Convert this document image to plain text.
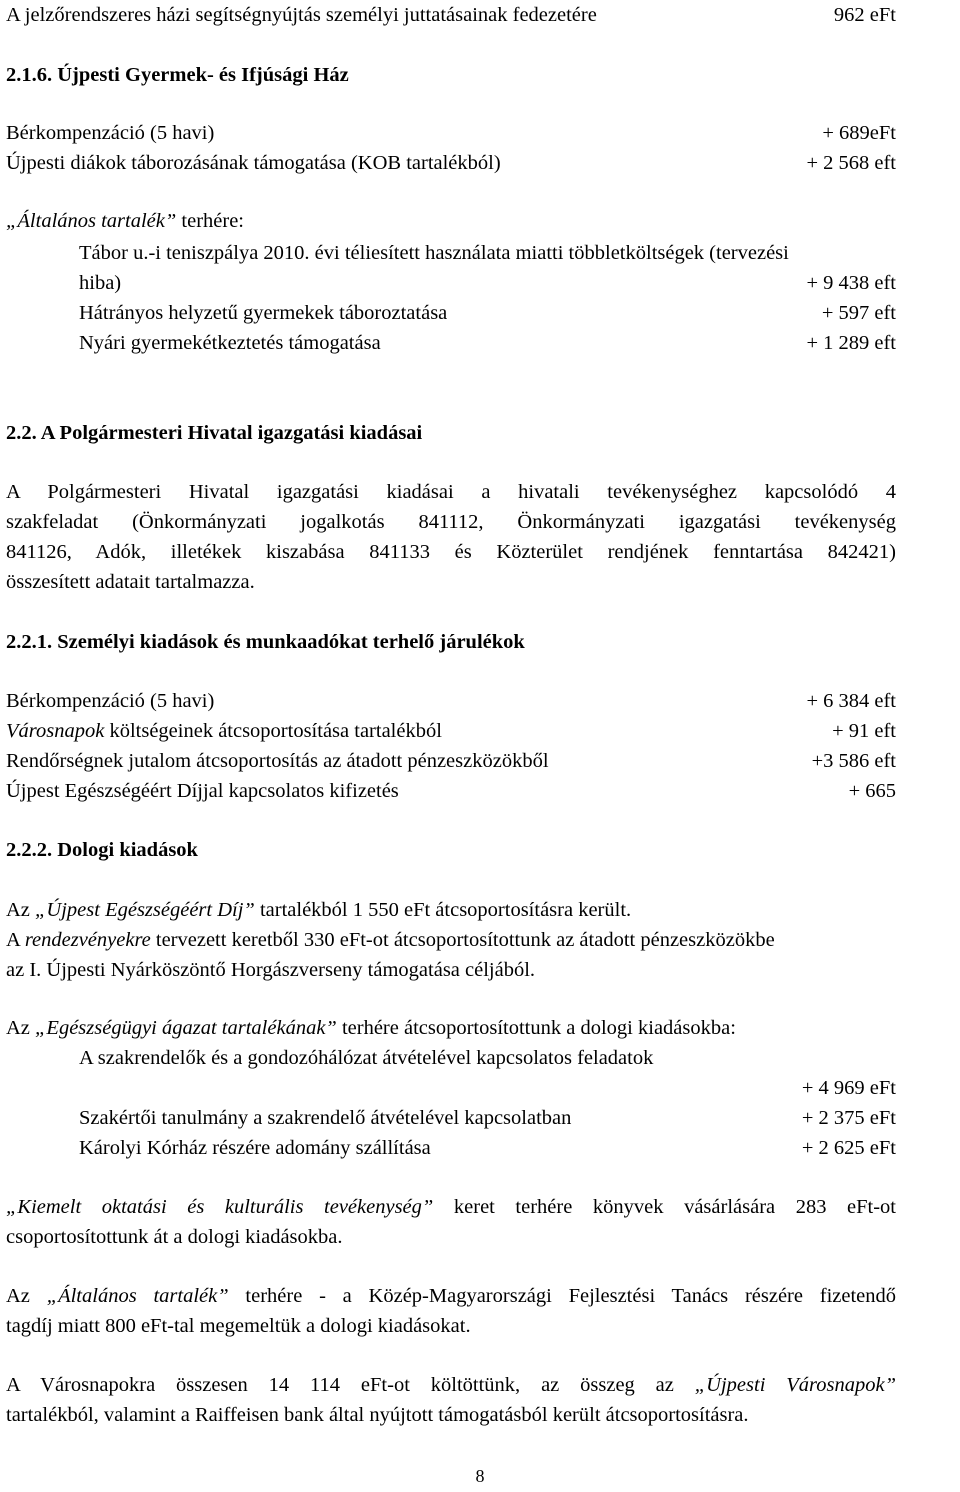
A jelzőrendszeres házi segítségnyújtás személyi juttatásainak fedezetére	962 eFt
2.1.6. Újpesti Gyermek- és Ifjúsági Ház
Bérkompenzáció (5 havi)	+ 689eFt
Újpesti diákok táborozásának támogatása (KOB tartalékból)	+ 2 568 eft
„Általános tartalék” terhére:
Tábor u.-i teniszpálya 2010. évi téliesített használata miatti többletköltségek (tervezési
hiba)	+ 9 438 eft
Hátrányos helyzetű gyermekek táboroztatása	+ 597 eft
Nyári gyermekétkeztetés támogatása	+ 1 289 eft
2.2. A Polgármesteri Hivatal igazgatási kiadásai
A Polgármesteri Hivatal igazgatási kiadásai a hivatali tevékenységhez kapcsolódó 4
szakfeladat (Önkormányzati jogalkotás 841112, Önkormányzati igazgatási tevékenység
841126, Adók, illetékek kiszabása 841133 és Közterület rendjének fenntartása 842421)
összesített adatait tartalmazza.
2.2.1. Személyi kiadások és munkaadókat terhelő járulékok
Bérkompenzáció (5 havi)	+ 6 384 eft
Városnapok költségeinek átcsoportosítása tartalékból	+ 91 eft
Rendőrségnek jutalom átcsoportosítás az átadott pénzeszközökből	+3 586 eft
Újpest Egészségéért Díjjal kapcsolatos kifizetés	+ 665
2.2.2. Dologi kiadások
Az „Újpest Egészségéért Díj” tartalékból 1 550 eFt átcsoportosításra került.
A rendezvényekre tervezett keretből 330 eFt-ot átcsoportosítottunk az átadott pénzeszközökbe
az I. Újpesti Nyárköszöntő Horgászverseny támogatása céljából.
Az „Egészségügyi ágazat tartalékának” terhére átcsoportosítottunk a dologi kiadásokba:
A szakrendelők és a gondozóhálózat átvételével kapcsolatos feladatok
+ 4 969 eFt
Szakértői tanulmány a szakrendelő átvételével kapcsolatban	+ 2 375 eFt
Károlyi Kórház részére adomány szállítása	+ 2 625 eFt
„Kiemelt oktatási és kulturális tevékenység” keret terhére könyvek vásárlására 283 eFt-ot
csoportosítottunk át a dologi kiadásokba.
Az „Általános tartalék” terhére - a Közép-Magyarországi Fejlesztési Tanács részére fizetendő
tagdíj miatt 800 eFt-tal megemeltük a dologi kiadásokat.
A Városnapokra összesen 14 114 eFt-ot költöttünk, az összeg az „Újpesti Városnapok”
tartalékból, valamint a Raiffeisen bank által nyújtott támogatásból került átcsoportosításra.
8
